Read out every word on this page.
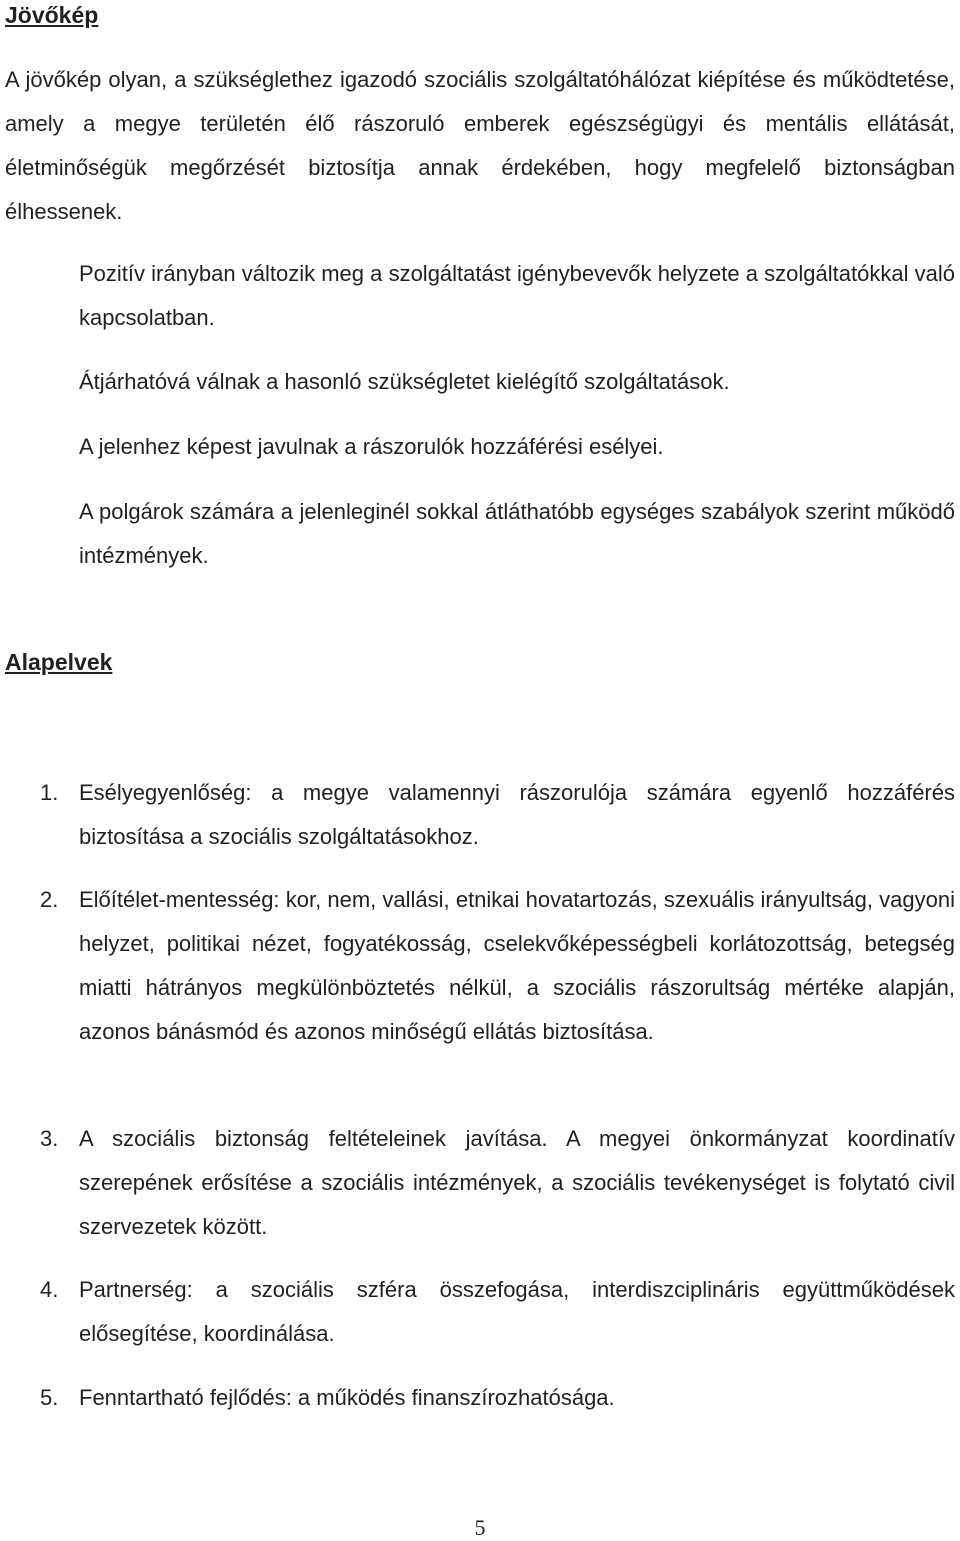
Jövőkép

A jövőkép olyan, a szükséglethez igazodó szociális szolgáltatóhálózat kiépítése és működtetése, amely a megye területén élő rászoruló emberek egészségügyi és mentális ellátását, életminőségük megőrzését biztosítja annak érdekében, hogy megfelelő biztonságban élhessenek.

Pozitív irányban változik meg a szolgáltatást igénybevevők helyzete a szolgáltatókkal való kapcsolatban.

Átjárhatóvá válnak a hasonló szükségletet kielégítő szolgáltatások.

A jelenhez képest javulnak a rászorulók hozzáférési esélyei.

A polgárok számára a jelenleginél sokkal átláthatóbb egységes szabályok szerint működő intézmények.

Alapelvek
1. Esélyegyenlőség: a megye valamennyi rászorulója számára egyenlő hozzáférés biztosítása a szociális szolgáltatásokhoz.
2. Előítélet-mentesség: kor, nem, vallási, etnikai hovatartozás, szexuális irányultság, vagyoni helyzet, politikai nézet, fogyatékosság, cselekvőképességbeli korlátozottság, betegség miatti hátrányos megkülönböztetés nélkül, a szociális rászorultság mértéke alapján, azonos bánásmód és azonos minőségű ellátás biztosítása.
3. A szociális biztonság feltételeinek javítása. A megyei önkormányzat koordinatív szerepének erősítése a szociális intézmények, a szociális tevékenységet is folytató civil szervezetek között.
4. Partnerség: a szociális szféra összefogása, interdiszciplináris együttműködések elősegítése, koordinálása.
5. Fenntartható fejlődés: a működés finanszírozhatósága.
5
